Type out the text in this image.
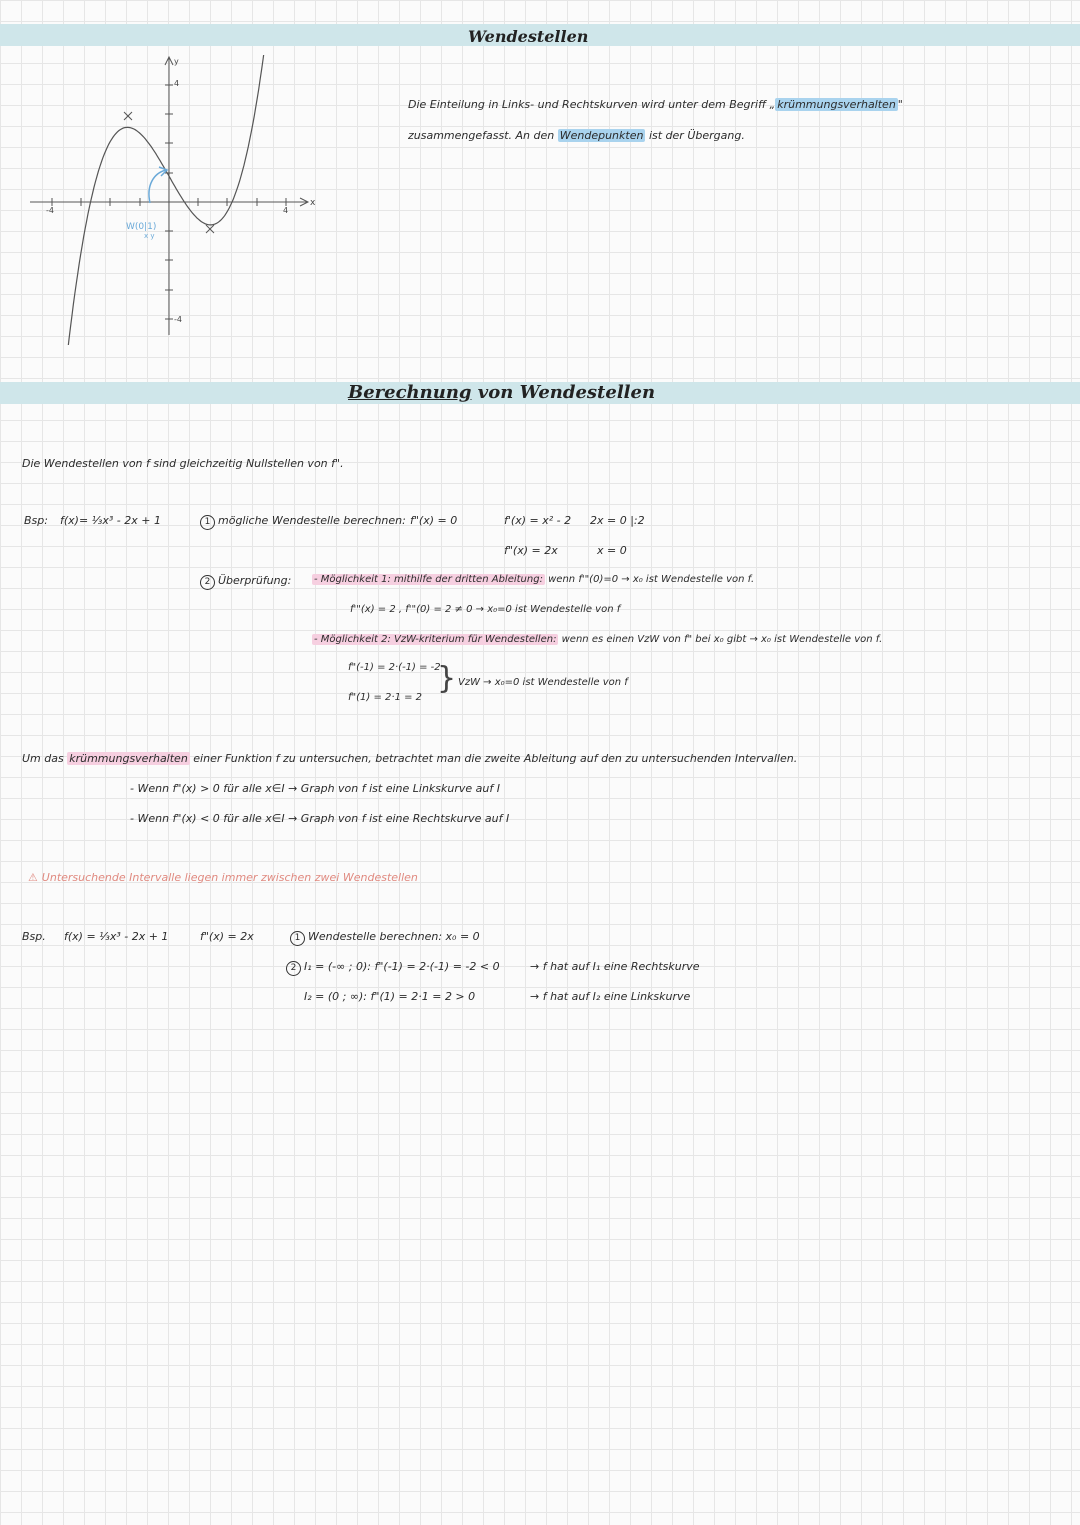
Wendestellen
Die Einteilung in Links- und Rechtskurven wird unter dem Begriff „ krümmungsverhalten "
zusammengefasst. An den Wendepunkten ist der Übergang.
y
x
4
-4
-4	4
W(0|1)
x y
Berechnung von Wendestellen
Die Wendestellen von f sind gleichzeitig Nullstellen von f".
Bsp: f(x)= ⅓x³ - 2x + 1	1 mögliche Wendestelle berechnen: f"(x) = 0	f'(x) = x² - 2
f"(x) = 2x
2x = 0 |:2
x = 0
2 Überprüfung: - Möglichkeit 1: mithilfe der dritten Ableitung: wenn f'"(0)=0 → x₀ ist Wendestelle von f.
f'"(x) = 2 , f'"(0) = 2 ≠ 0 → x₀=0 ist Wendestelle von f
- Möglichkeit 2: VzW-kriterium für Wendestellen: wenn es einen VzW von f" bei x₀ gibt → x₀ ist Wendestelle von f.
f"(-1) = 2·(-1) = -2
f"(1) = 2·1 = 2
} VzW → x₀=0 ist Wendestelle von f
Um das krümmungsverhalten einer Funktion f zu untersuchen, betrachtet man die zweite Ableitung auf den zu untersuchenden Intervallen.
- Wenn f"(x) > 0 für alle x∈I → Graph von f ist eine Linkskurve auf I
- Wenn f"(x) < 0 für alle x∈I → Graph von f ist eine Rechtskurve auf I
⚠ Untersuchende Intervalle liegen immer zwischen zwei Wendestellen
Bsp. f(x) = ⅓x³ - 2x + 1	f"(x) = 2x	1 Wendestelle berechnen: x₀ = 0
2 I₁ = (-∞ ; 0): f"(-1) = 2·(-1) = -2 < 0	→ f hat auf I₁ eine Rechtskurve
I₂ = (0 ; ∞): f"(1) = 2·1 = 2 > 0	→ f hat auf I₂ eine Linkskurve
